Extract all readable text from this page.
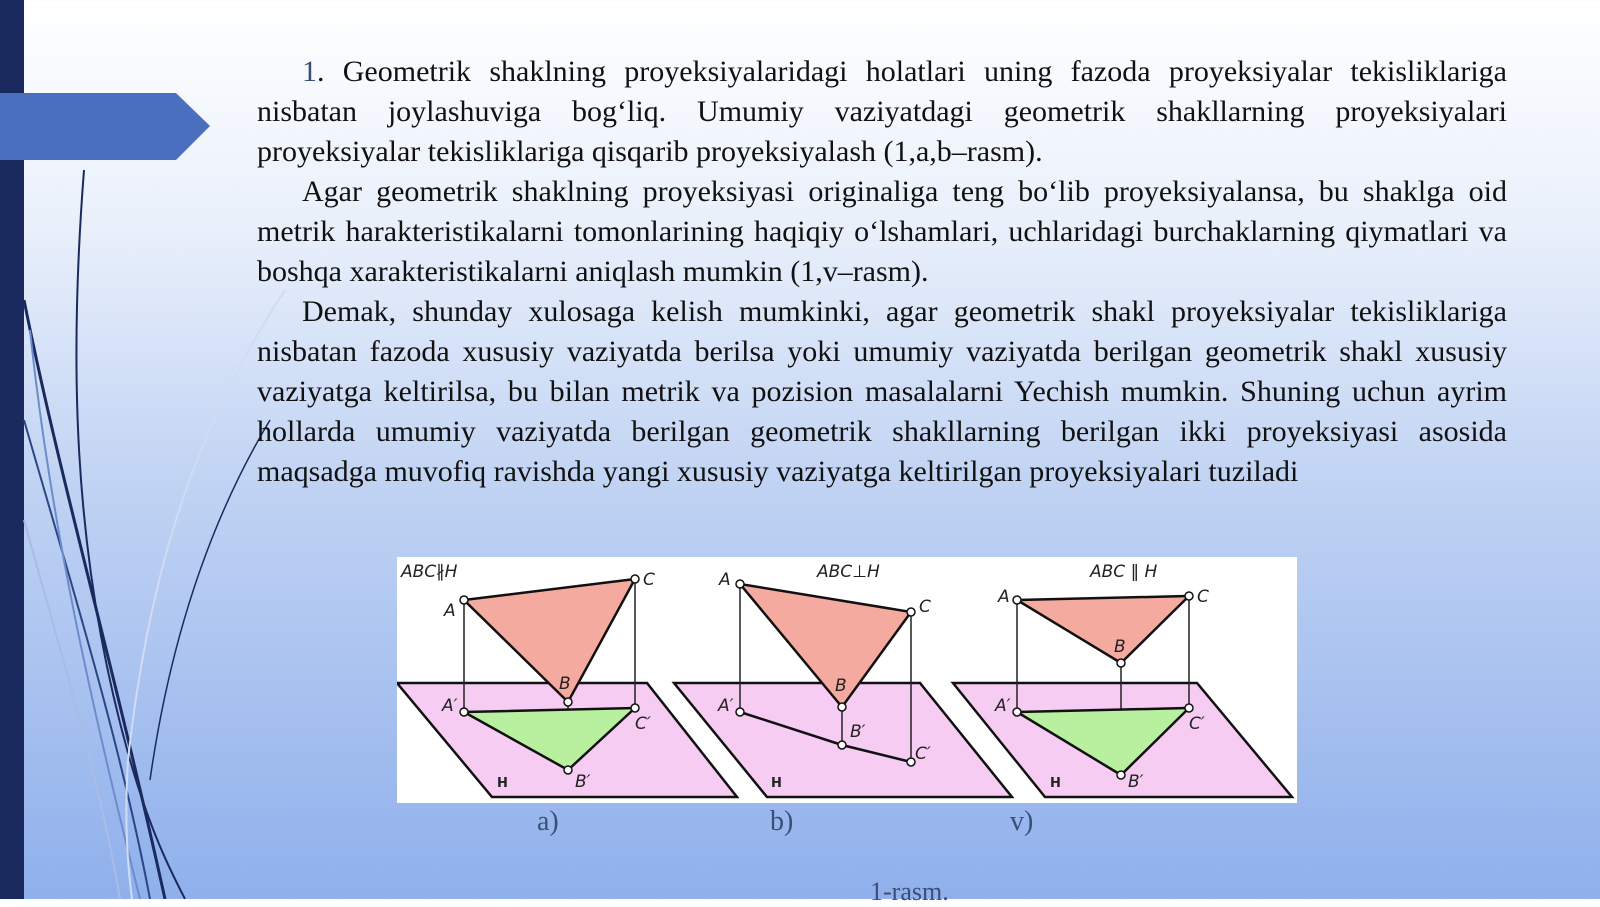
1. Geometrik shaklning proyeksiyalaridagi holatlari uning fazoda proyeksiyalar tekisliklariga nisbatan joylashuviga bog‘liq. Umumiy vaziyatdagi geometrik shakllarning proyeksiyalari proyeksiyalar tekisliklariga qisqarib proyeksiyalash (1,a,b–rasm).

Agar geometrik shaklning proyeksiyasi originaliga teng bo‘lib proyeksiyalansa, bu shaklga oid metrik harakteristikalarni tomonlarining haqiqiy o‘lshamlari, uchlaridagi burchaklarning qiymatlari va boshqa xarakteristikalarni aniqlash mumkin (1,v–rasm).

Demak, shunday xulosaga kelish mumkinki, agar geometrik shakl proyeksiyalar tekisliklariga nisbatan fazoda xususiy vaziyatda berilsa yoki umumiy vaziyatda berilgan geometrik shakl xususiy vaziyatga keltirilsa, bu bilan metrik va pozision masalalarni Yechish mumkin. Shuning uchun ayrim hollarda umumiy vaziyatda berilgan geometrik shakllarning berilgan ikki proyeksiyasi asosida maqsadga muvofiq ravishda yangi xususiy vaziyatga keltirilgan proyeksiyalari tuziladi

ABC∦H
A
C
B
A′
C′
B′
H
ABC⊥H
A
C
B
A′
B′
C′
H
ABC ‖ H
A	C
B
A′
C′
B′
H
a)	b)	v)
1-rasm.
